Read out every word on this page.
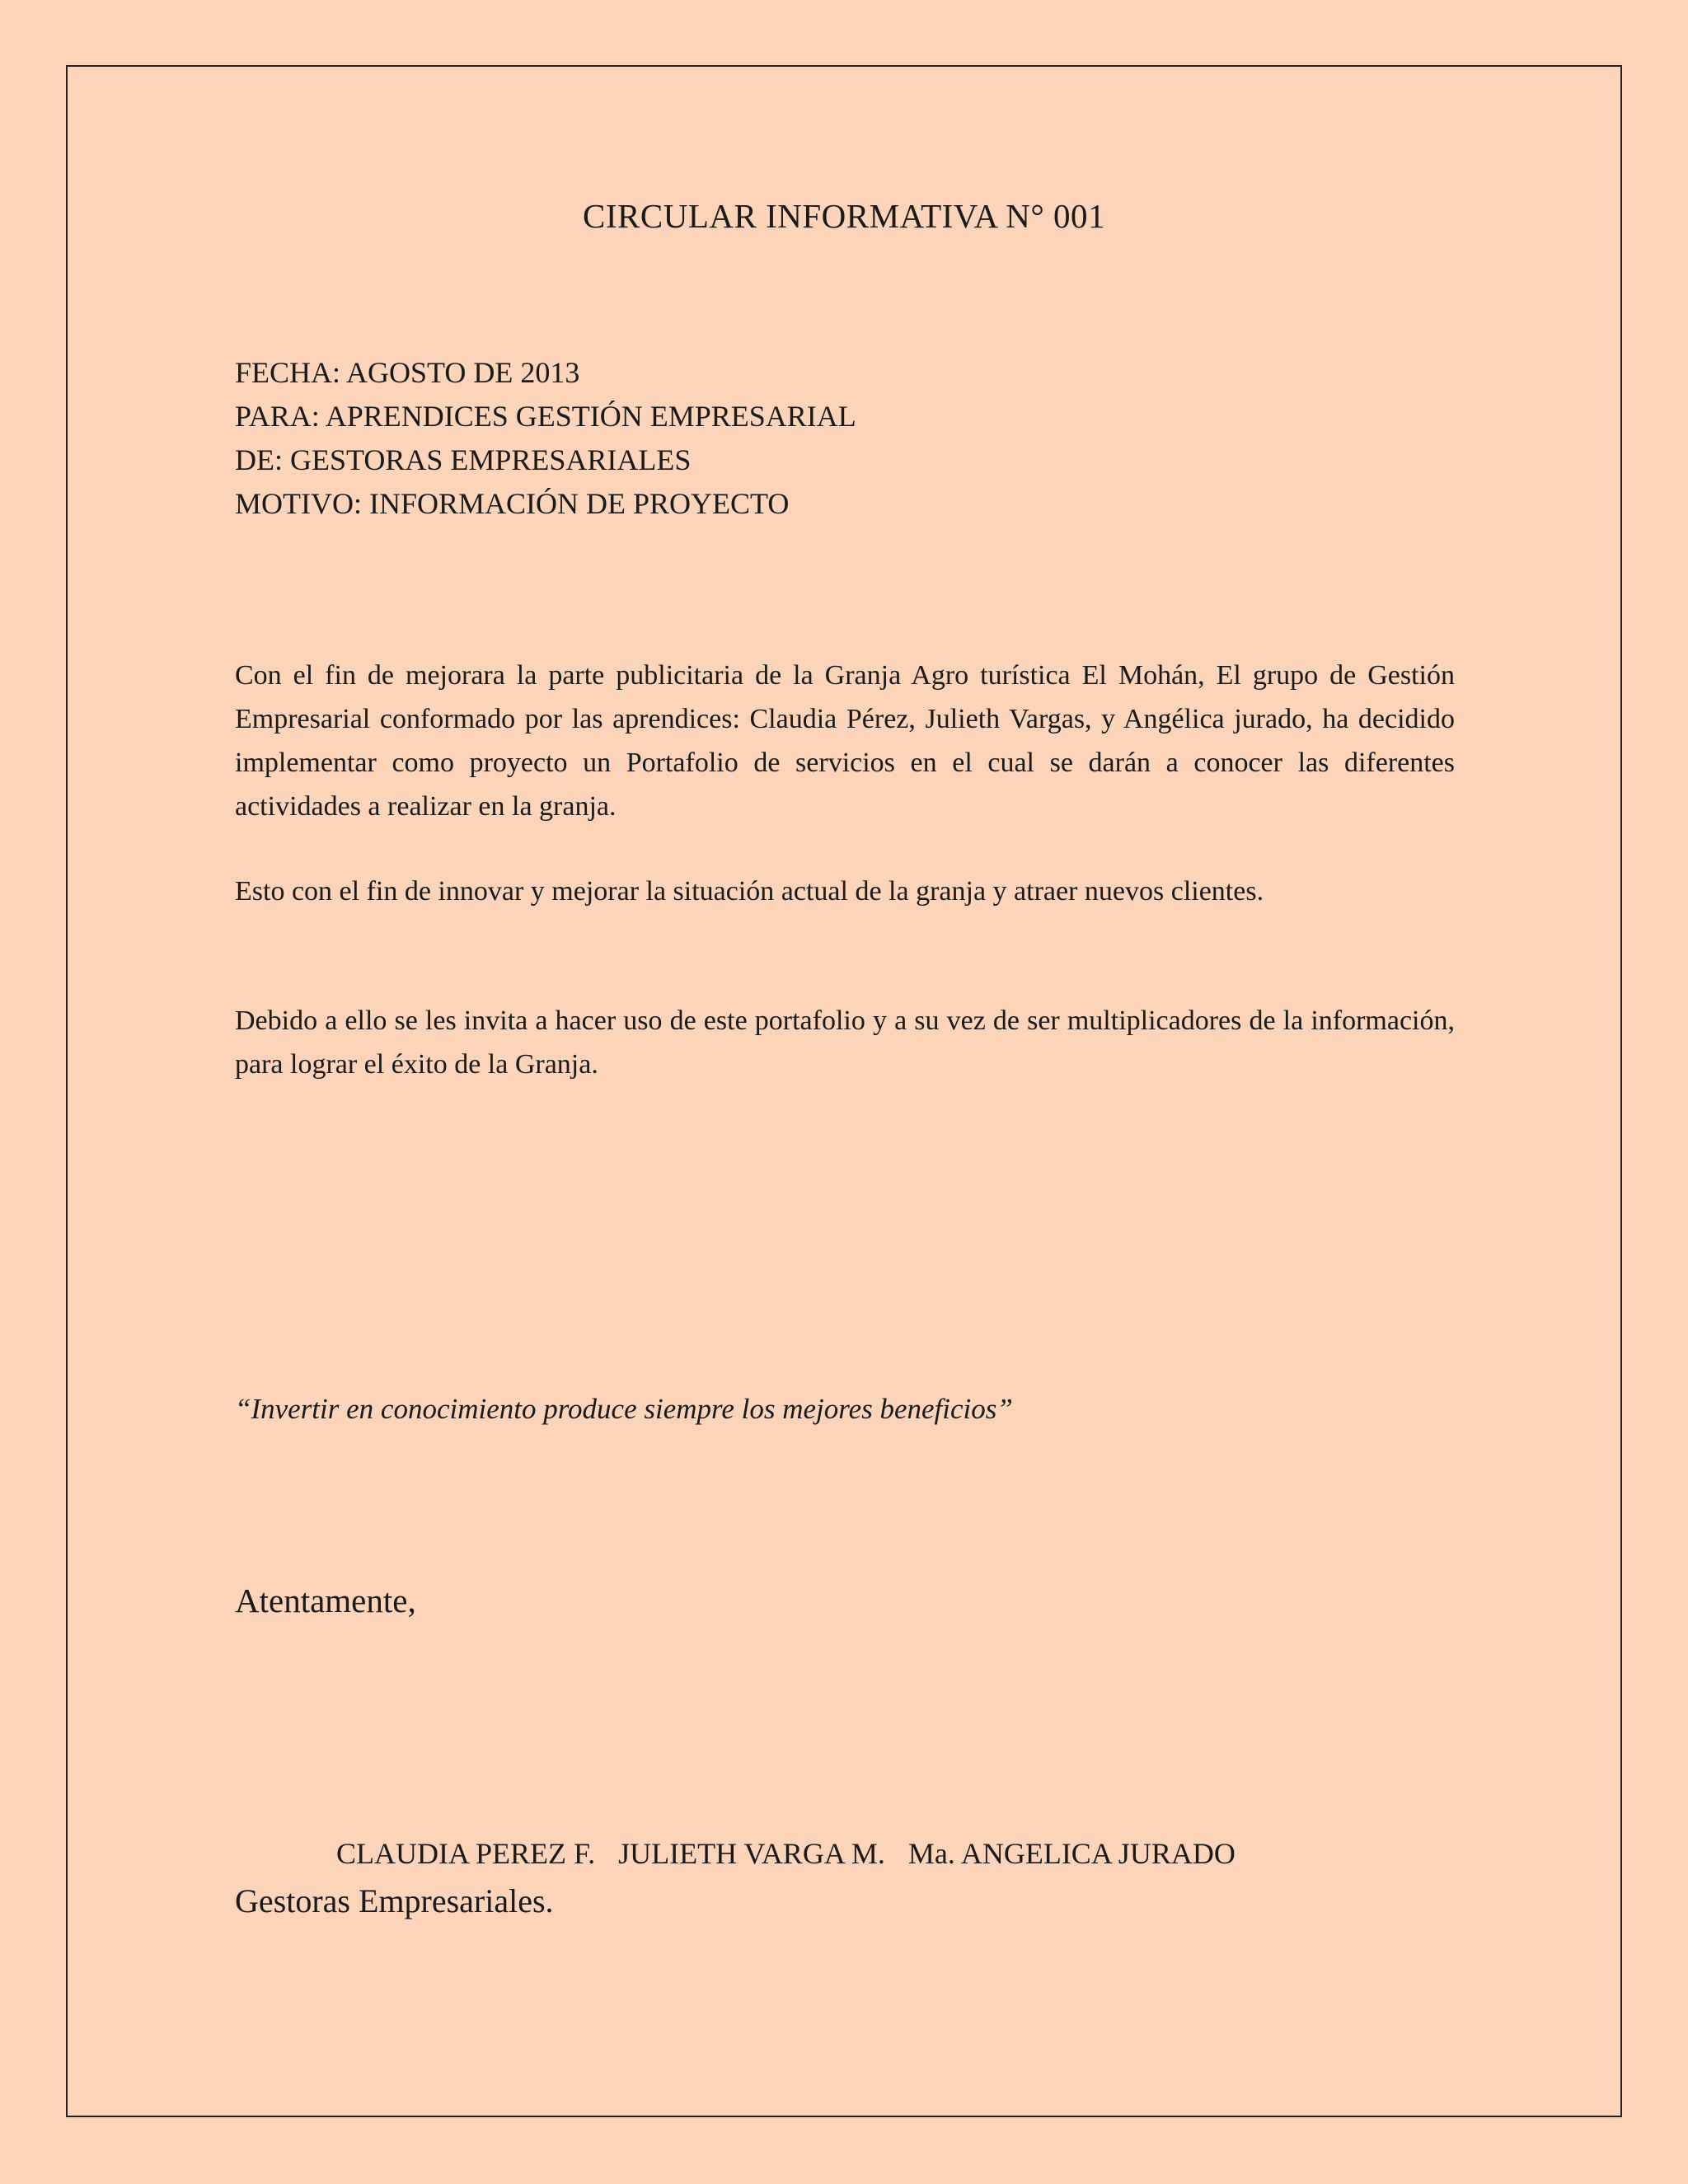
CIRCULAR INFORMATIVA N° 001
FECHA: AGOSTO DE 2013
PARA: APRENDICES GESTIÓN EMPRESARIAL
DE: GESTORAS EMPRESARIALES
MOTIVO: INFORMACIÓN DE PROYECTO

Con el fin de mejorara la parte publicitaria de la Granja Agro turística El Mohán, El grupo de Gestión Empresarial conformado por las aprendices: Claudia Pérez, Julieth Vargas, y Angélica jurado, ha decidido implementar como proyecto un Portafolio de servicios en el cual se darán a conocer las diferentes actividades a realizar en la granja.

Esto con el fin de innovar y mejorar la situación actual de la granja y atraer nuevos clientes.

Debido a ello se les invita a hacer uso de este portafolio y a su vez de ser multiplicadores de la información, para lograr el éxito de la Granja.

“Invertir en conocimiento produce siempre los mejores beneficios”

Atentamente,

CLAUDIA PEREZ F. JULIETH VARGA M. Ma. ANGELICA JURADO

Gestoras Empresariales.
